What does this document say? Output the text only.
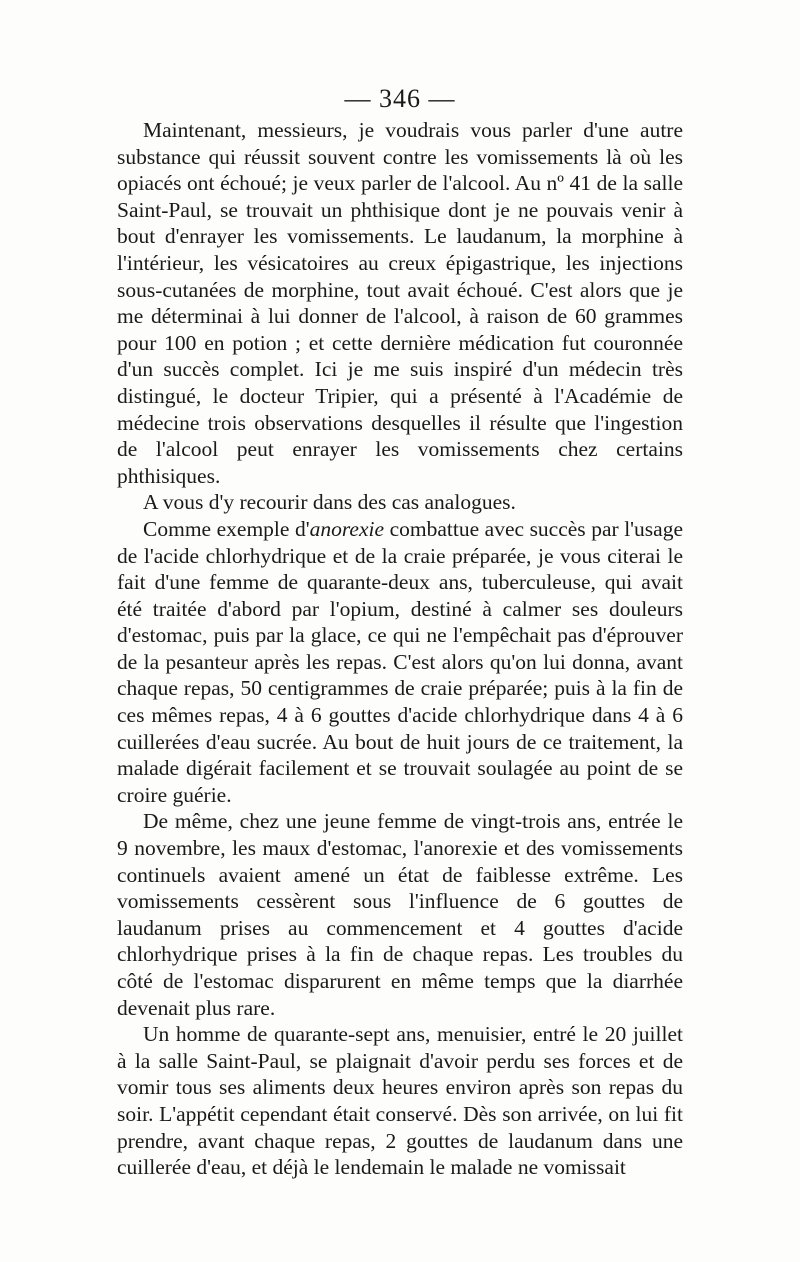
— 346 —

Maintenant, messieurs, je voudrais vous parler d'une autre substance qui réussit souvent contre les vomissements là où les opiacés ont échoué; je veux parler de l'alcool. Au nº 41 de la salle Saint-Paul, se trouvait un phthisique dont je ne pouvais venir à bout d'enrayer les vomissements. Le laudanum, la morphine à l'intérieur, les vésicatoires au creux épigastrique, les injections sous-cutanées de morphine, tout avait échoué. C'est alors que je me déterminai à lui donner de l'alcool, à raison de 60 grammes pour 100 en potion ; et cette dernière médication fut couronnée d'un succès complet. Ici je me suis inspiré d'un médecin très distingué, le docteur Tripier, qui a présenté à l'Académie de médecine trois observations desquelles il résulte que l'ingestion de l'alcool peut enrayer les vomissements chez certains phthisiques.

A vous d'y recourir dans des cas analogues.

Comme exemple d'anorexie combattue avec succès par l'usage de l'acide chlorhydrique et de la craie préparée, je vous citerai le fait d'une femme de quarante-deux ans, tuberculeuse, qui avait été traitée d'abord par l'opium, destiné à calmer ses douleurs d'estomac, puis par la glace, ce qui ne l'empêchait pas d'éprouver de la pesanteur après les repas. C'est alors qu'on lui donna, avant chaque repas, 50 centigrammes de craie préparée; puis à la fin de ces mêmes repas, 4 à 6 gouttes d'acide chlorhydrique dans 4 à 6 cuillerées d'eau sucrée. Au bout de huit jours de ce traitement, la malade digérait facilement et se trouvait soulagée au point de se croire guérie.

De même, chez une jeune femme de vingt-trois ans, entrée le 9 novembre, les maux d'estomac, l'anorexie et des vomissements continuels avaient amené un état de faiblesse extrême. Les vomissements cessèrent sous l'influence de 6 gouttes de laudanum prises au commencement et 4 gouttes d'acide chlorhydrique prises à la fin de chaque repas. Les troubles du côté de l'estomac disparurent en même temps que la diarrhée devenait plus rare.

Un homme de quarante-sept ans, menuisier, entré le 20 juillet à la salle Saint-Paul, se plaignait d'avoir perdu ses forces et de vomir tous ses aliments deux heures environ après son repas du soir. L'appétit cependant était conservé. Dès son arrivée, on lui fit prendre, avant chaque repas, 2 gouttes de laudanum dans une cuillerée d'eau, et déjà le lendemain le malade ne vomissait
